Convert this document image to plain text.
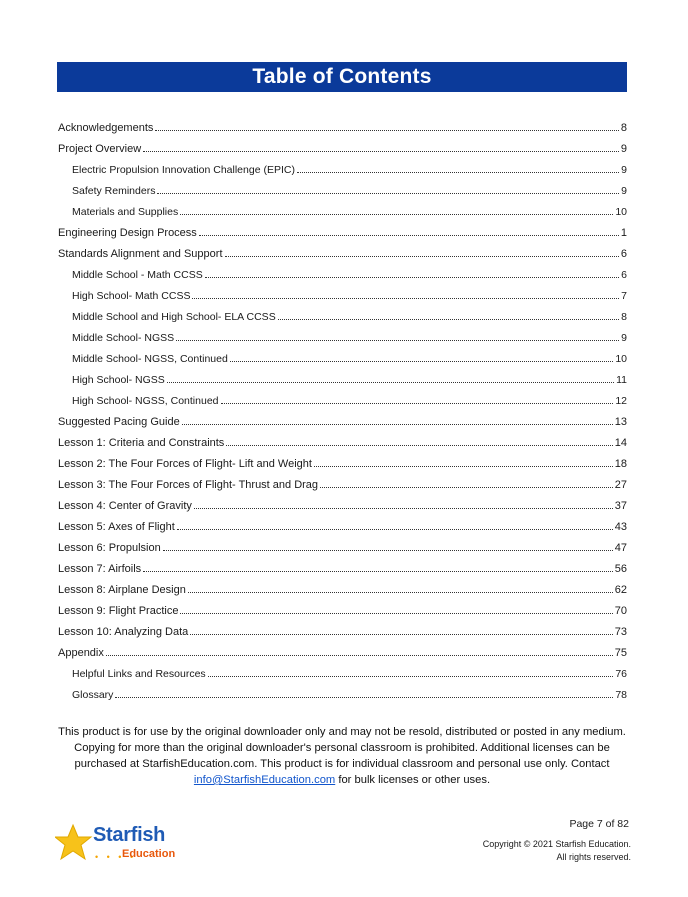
Table of Contents
Acknowledgements	8
Project Overview	9
Electric Propulsion Innovation Challenge (EPIC)	9
Safety Reminders	9
Materials and Supplies	10
Engineering Design Process	1
Standards Alignment and Support	6
Middle School - Math CCSS	6
High School- Math CCSS	7
Middle School and High School- ELA CCSS	8
Middle School- NGSS	9
Middle School- NGSS, Continued	10
High School- NGSS	11
High School- NGSS, Continued	12
Suggested Pacing Guide	13
Lesson 1: Criteria and Constraints	14
Lesson 2: The Four Forces of Flight- Lift and Weight	18
Lesson 3: The Four Forces of Flight- Thrust and Drag	27
Lesson 4: Center of Gravity	37
Lesson 5: Axes of Flight	43
Lesson 6: Propulsion	47
Lesson 7: Airfoils	56
Lesson 8: Airplane Design	62
Lesson 9: Flight Practice	70
Lesson 10: Analyzing Data	73
Appendix	75
Helpful Links and Resources	76
Glossary	78
This product is for use by the original downloader only and may not be resold, distributed or posted in any medium. Copying for more than the original downloader's personal classroom is prohibited. Additional licenses can be purchased at StarfishEducation.com. This product is for individual classroom and personal use only. Contact info@StarfishEducation.com for bulk licenses or other uses.
Starfish
• • • •
Education
Page 7 of 82
Copyright © 2021 Starfish Education.
All rights reserved.
